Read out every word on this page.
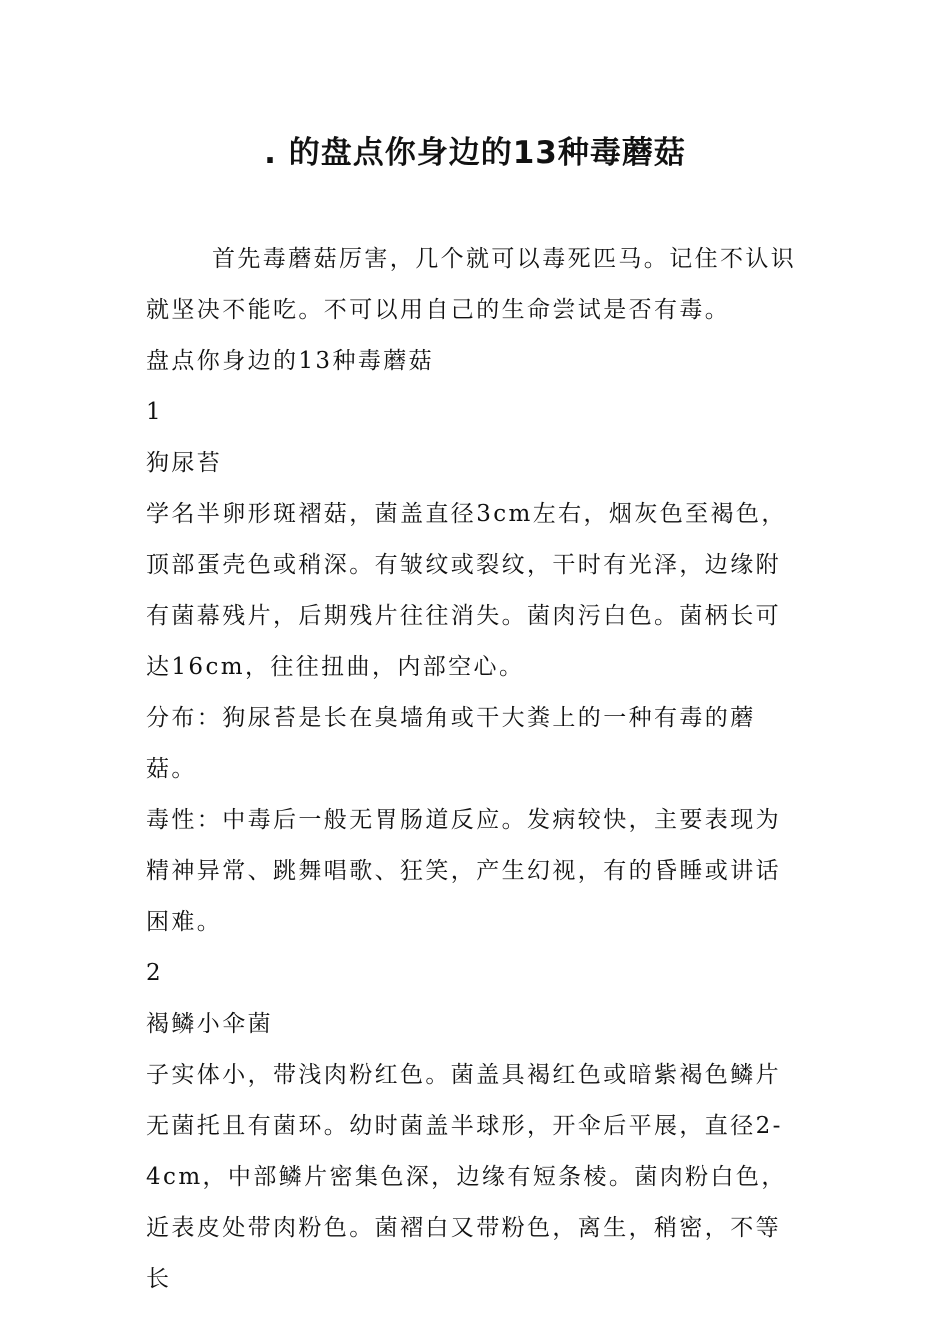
. 的盘点你身边的13种毒蘑菇

首先毒蘑菇厉害，几个就可以毒死匹马。记住不认识就坚决不能吃。不可以用自己的生命尝试是否有毒。

盘点你身边的13种毒蘑菇

1

狗尿苔

学名半卵形斑褶菇，菌盖直径3cm左右，烟灰色至褐色，顶部蛋壳色或稍深。有皱纹或裂纹，干时有光泽，边缘附有菌幕残片，后期残片往往消失。菌肉污白色。菌柄长可达16cm，往往扭曲，内部空心。

分布：狗尿苔是长在臭墙角或干大粪上的一种有毒的蘑菇。

毒性：中毒后一般无胃肠道反应。发病较快，主要表现为精神异常、跳舞唱歌、狂笑，产生幻视，有的昏睡或讲话困难。

2

褐鳞小伞菌

子实体小，带浅肉粉红色。菌盖具褐红色或暗紫褐色鳞片无菌托且有菌环。幼时菌盖半球形，开伞后平展，直径2-4cm，中部鳞片密集色深，边缘有短条棱。菌肉粉白色，近表皮处带肉粉色。菌褶白又带粉色，离生，稍密，不等长
